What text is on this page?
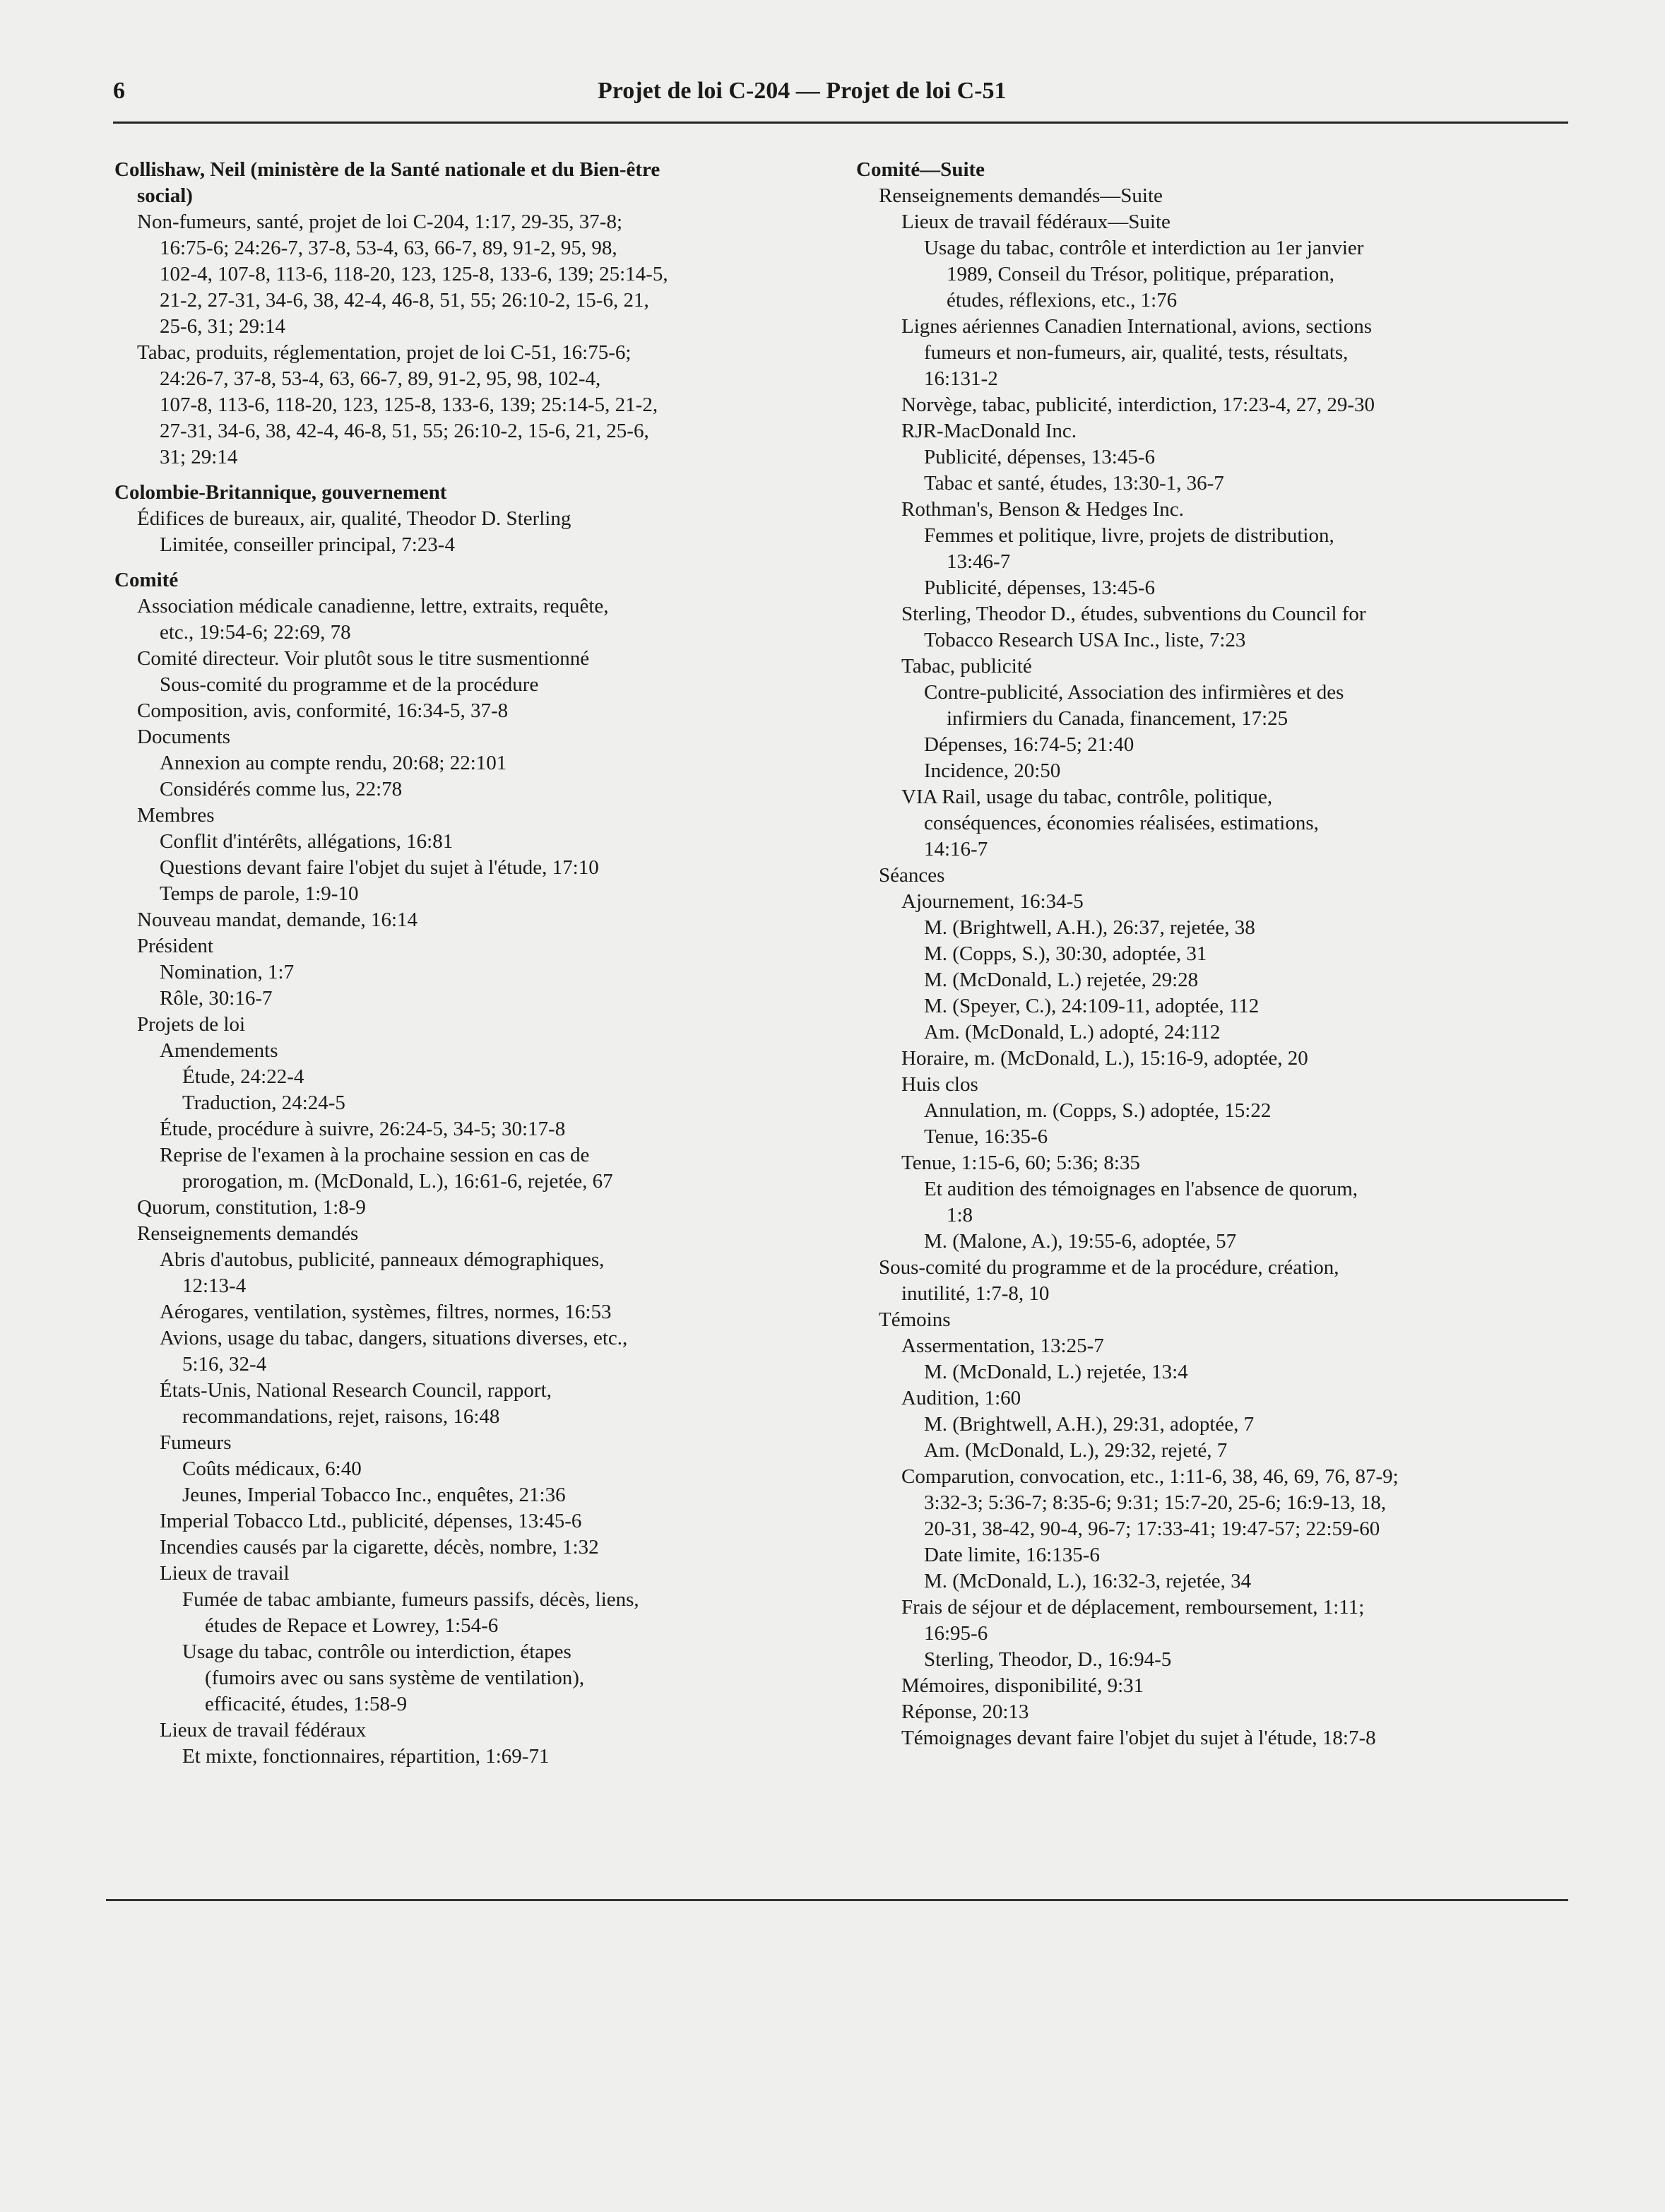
6	Projet de loi C-204 — Projet de loi C-51
Collishaw, Neil (ministère de la Santé nationale et du Bien-être
social)
Non-fumeurs, santé, projet de loi C-204, 1:17, 29-35, 37-8;
16:75-6; 24:26-7, 37-8, 53-4, 63, 66-7, 89, 91-2, 95, 98,
102-4, 107-8, 113-6, 118-20, 123, 125-8, 133-6, 139; 25:14-5,
21-2, 27-31, 34-6, 38, 42-4, 46-8, 51, 55; 26:10-2, 15-6, 21,
25-6, 31; 29:14
Tabac, produits, réglementation, projet de loi C-51, 16:75-6;
24:26-7, 37-8, 53-4, 63, 66-7, 89, 91-2, 95, 98, 102-4,
107-8, 113-6, 118-20, 123, 125-8, 133-6, 139; 25:14-5, 21-2,
27-31, 34-6, 38, 42-4, 46-8, 51, 55; 26:10-2, 15-6, 21, 25-6,
31; 29:14
Colombie-Britannique, gouvernement
Édifices de bureaux, air, qualité, Theodor D. Sterling
Limitée, conseiller principal, 7:23-4
Comité
Association médicale canadienne, lettre, extraits, requête,
etc., 19:54-6; 22:69, 78
Comité directeur. Voir plutôt sous le titre susmentionné
Sous-comité du programme et de la procédure
Composition, avis, conformité, 16:34-5, 37-8
Documents
Annexion au compte rendu, 20:68; 22:101
Considérés comme lus, 22:78
Membres
Conflit d'intérêts, allégations, 16:81
Questions devant faire l'objet du sujet à l'étude, 17:10
Temps de parole, 1:9-10
Nouveau mandat, demande, 16:14
Président
Nomination, 1:7
Rôle, 30:16-7
Projets de loi
Amendements
Étude, 24:22-4
Traduction, 24:24-5
Étude, procédure à suivre, 26:24-5, 34-5; 30:17-8
Reprise de l'examen à la prochaine session en cas de
prorogation, m. (McDonald, L.), 16:61-6, rejetée, 67
Quorum, constitution, 1:8-9
Renseignements demandés
Abris d'autobus, publicité, panneaux démographiques,
12:13-4
Aérogares, ventilation, systèmes, filtres, normes, 16:53
Avions, usage du tabac, dangers, situations diverses, etc.,
5:16, 32-4
États-Unis, National Research Council, rapport,
recommandations, rejet, raisons, 16:48
Fumeurs
Coûts médicaux, 6:40
Jeunes, Imperial Tobacco Inc., enquêtes, 21:36
Imperial Tobacco Ltd., publicité, dépenses, 13:45-6
Incendies causés par la cigarette, décès, nombre, 1:32
Lieux de travail
Fumée de tabac ambiante, fumeurs passifs, décès, liens,
études de Repace et Lowrey, 1:54-6
Usage du tabac, contrôle ou interdiction, étapes
(fumoirs avec ou sans système de ventilation),
efficacité, études, 1:58-9
Lieux de travail fédéraux
Et mixte, fonctionnaires, répartition, 1:69-71
Comité—Suite
Renseignements demandés—Suite
Lieux de travail fédéraux—Suite
Usage du tabac, contrôle et interdiction au 1er janvier
1989, Conseil du Trésor, politique, préparation,
études, réflexions, etc., 1:76
Lignes aériennes Canadien International, avions, sections
fumeurs et non-fumeurs, air, qualité, tests, résultats,
16:131-2
Norvège, tabac, publicité, interdiction, 17:23-4, 27, 29-30
RJR-MacDonald Inc.
Publicité, dépenses, 13:45-6
Tabac et santé, études, 13:30-1, 36-7
Rothman's, Benson & Hedges Inc.
Femmes et politique, livre, projets de distribution,
13:46-7
Publicité, dépenses, 13:45-6
Sterling, Theodor D., études, subventions du Council for
Tobacco Research USA Inc., liste, 7:23
Tabac, publicité
Contre-publicité, Association des infirmières et des
infirmiers du Canada, financement, 17:25
Dépenses, 16:74-5; 21:40
Incidence, 20:50
VIA Rail, usage du tabac, contrôle, politique,
conséquences, économies réalisées, estimations,
14:16-7
Séances
Ajournement, 16:34-5
M. (Brightwell, A.H.), 26:37, rejetée, 38
M. (Copps, S.), 30:30, adoptée, 31
M. (McDonald, L.) rejetée, 29:28
M. (Speyer, C.), 24:109-11, adoptée, 112
Am. (McDonald, L.) adopté, 24:112
Horaire, m. (McDonald, L.), 15:16-9, adoptée, 20
Huis clos
Annulation, m. (Copps, S.) adoptée, 15:22
Tenue, 16:35-6
Tenue, 1:15-6, 60; 5:36; 8:35
Et audition des témoignages en l'absence de quorum,
1:8
M. (Malone, A.), 19:55-6, adoptée, 57
Sous-comité du programme et de la procédure, création,
inutilité, 1:7-8, 10
Témoins
Assermentation, 13:25-7
M. (McDonald, L.) rejetée, 13:4
Audition, 1:60
M. (Brightwell, A.H.), 29:31, adoptée, 7
Am. (McDonald, L.), 29:32, rejeté, 7
Comparution, convocation, etc., 1:11-6, 38, 46, 69, 76, 87-9;
3:32-3; 5:36-7; 8:35-6; 9:31; 15:7-20, 25-6; 16:9-13, 18,
20-31, 38-42, 90-4, 96-7; 17:33-41; 19:47-57; 22:59-60
Date limite, 16:135-6
M. (McDonald, L.), 16:32-3, rejetée, 34
Frais de séjour et de déplacement, remboursement, 1:11;
16:95-6
Sterling, Theodor, D., 16:94-5
Mémoires, disponibilité, 9:31
Réponse, 20:13
Témoignages devant faire l'objet du sujet à l'étude, 18:7-8
